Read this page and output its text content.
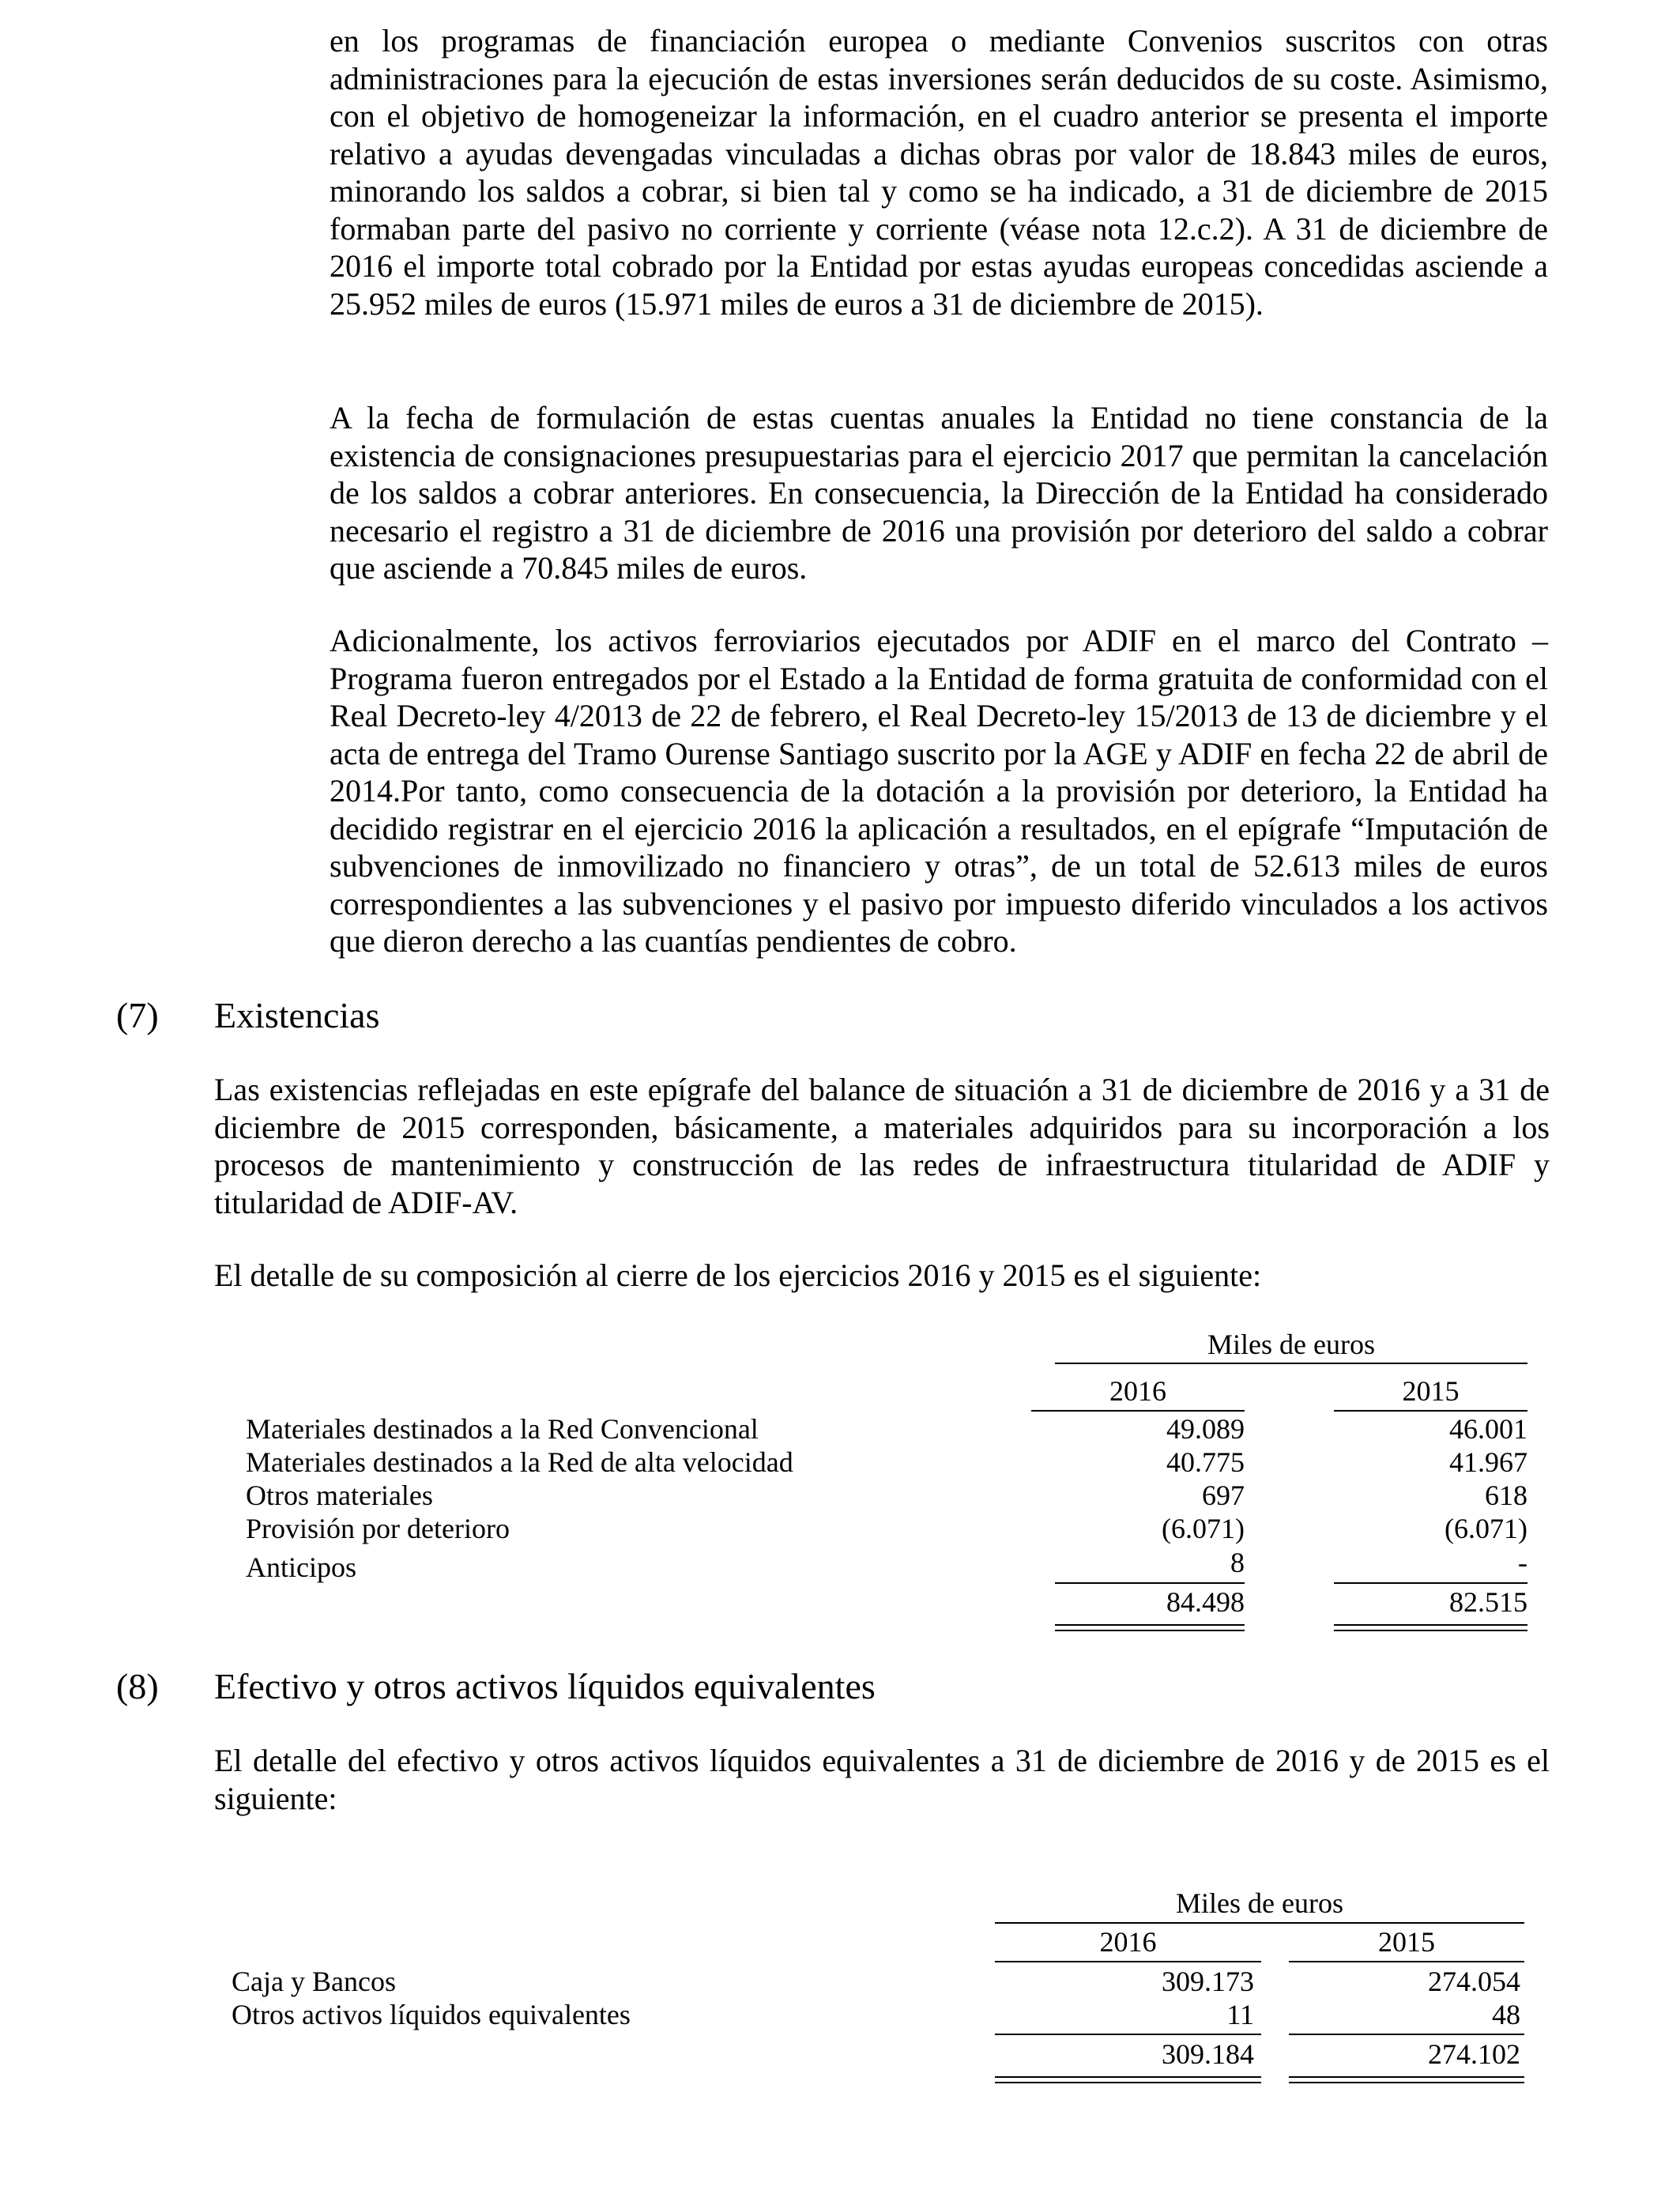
en los programas de financiación europea o mediante Convenios suscritos con otras administraciones para la ejecución de estas inversiones serán deducidos de su coste. Asimismo, con el objetivo de homogeneizar la información, en el cuadro anterior se presenta el importe relativo a ayudas devengadas vinculadas a dichas obras por valor de 18.843 miles de euros, minorando los saldos a cobrar, si bien tal y como se ha indicado, a 31 de diciembre de 2015 formaban parte del pasivo no corriente y corriente (véase nota 12.c.2). A 31 de diciembre de 2016 el importe total cobrado por la Entidad por estas ayudas europeas concedidas asciende a 25.952 miles de euros (15.971 miles de euros a 31 de diciembre de 2015).

A la fecha de formulación de estas cuentas anuales la Entidad no tiene constancia de la existencia de consignaciones presupuestarias para el ejercicio 2017 que permitan la cancelación de los saldos a cobrar anteriores. En consecuencia, la Dirección de la Entidad ha considerado necesario el registro a 31 de diciembre de 2016 una provisión por deterioro del saldo a cobrar que asciende a 70.845 miles de euros.

Adicionalmente, los activos ferroviarios ejecutados por ADIF en el marco del Contrato – Programa fueron entregados por el Estado a la Entidad de forma gratuita de conformidad con el Real Decreto-ley 4/2013 de 22 de febrero, el Real Decreto-ley 15/2013 de 13 de diciembre y el acta de entrega del Tramo Ourense Santiago suscrito por la AGE y ADIF en fecha 22 de abril de 2014.Por tanto, como consecuencia de la dotación a la provisión por deterioro, la Entidad ha decidido registrar en el ejercicio 2016 la aplicación a resultados, en el epígrafe “Imputación de subvenciones de inmovilizado no financiero y otras”, de un total de 52.613 miles de euros correspondientes a las subvenciones y el pasivo por impuesto diferido vinculados a los activos que dieron derecho a las cuantías pendientes de cobro.

(7) Existencias

Las existencias reflejadas en este epígrafe del balance de situación a 31 de diciembre de 2016 y a 31 de diciembre de 2015 corresponden, básicamente, a materiales adquiridos para su incorporación a los procesos de mantenimiento y construcción de las redes de infraestructura titularidad de ADIF y titularidad de ADIF-AV.

El detalle de su composición al cierre de los ejercicios 2016 y 2015 es el siguiente:

Miles de euros
2016	2015
Materiales destinados a la Red Convencional	49.089	46.001
Materiales destinados a la Red de alta velocidad	40.775	41.967
Otros materiales	697	618
Provisión por deterioro	(6.071)	(6.071)
Anticipos	8	-
84.498	82.515
(8) Efectivo y otros activos líquidos equivalentes

El detalle del efectivo y otros activos líquidos equivalentes a 31 de diciembre de 2016 y de 2015 es el siguiente:

Miles de euros
2016	2015
Caja y Bancos	309.173	274.054
Otros activos líquidos equivalentes	11	48
309.184	274.102
